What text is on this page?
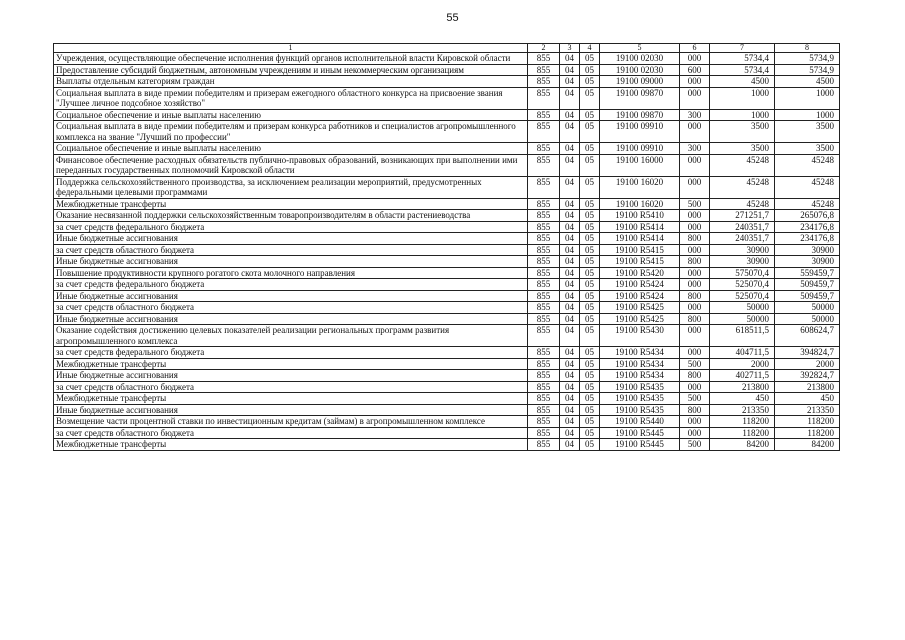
55
1	2	3	4	5	6	7	8
Учреждения, осуществляющие обеспечение исполнения функций органов исполнительной власти Кировской области	855	04	05	19100 02030	000	5734,4	5734,9
Предоставление субсидий бюджетным, автономным учреждениям и иным некоммерческим организациям	855	04	05	19100 02030	600	5734,4	5734,9
Выплаты отдельным категориям граждан	855	04	05	19100 09000	000	4500	4500
Социальная выплата в виде премии победителям и призерам ежегодного областного конкурса на присвоение звания "Лучшее личное подсобное хозяйство"	855	04	05	19100 09870	000	1000	1000
Социальное обеспечение и иные выплаты населению	855	04	05	19100 09870	300	1000	1000
Социальная выплата в виде премии победителям и призерам конкурса работников и специалистов агропромышленного комплекса на звание "Лучший по профессии"	855	04	05	19100 09910	000	3500	3500
Социальное обеспечение и иные выплаты населению	855	04	05	19100 09910	300	3500	3500
Финансовое обеспечение расходных обязательств публично-правовых образований, возникающих при выполнении ими переданных государственных полномочий Кировской области	855	04	05	19100 16000	000	45248	45248
Поддержка сельскохозяйственного производства, за исключением реализации мероприятий, предусмотренных федеральными целевыми программами	855	04	05	19100 16020	000	45248	45248
Межбюджетные трансферты	855	04	05	19100 16020	500	45248	45248
Оказание несвязанной поддержки сельскохозяйственным товаропроизводителям в области растениеводства	855	04	05	19100 R5410	000	271251,7	265076,8
за счет средств федерального бюджета	855	04	05	19100 R5414	000	240351,7	234176,8
Иные бюджетные ассигнования	855	04	05	19100 R5414	800	240351,7	234176,8
за счет средств областного бюджета	855	04	05	19100 R5415	000	30900	30900
Иные бюджетные ассигнования	855	04	05	19100 R5415	800	30900	30900
Повышение продуктивности крупного рогатого скота молочного направления	855	04	05	19100 R5420	000	575070,4	559459,7
за счет средств федерального бюджета	855	04	05	19100 R5424	000	525070,4	509459,7
Иные бюджетные ассигнования	855	04	05	19100 R5424	800	525070,4	509459,7
за счет средств областного бюджета	855	04	05	19100 R5425	000	50000	50000
Иные бюджетные ассигнования	855	04	05	19100 R5425	800	50000	50000
Оказание содействия достижению целевых показателей реализации региональных программ развития агропромышленного комплекса	855	04	05	19100 R5430	000	618511,5	608624,7
за счет средств федерального бюджета	855	04	05	19100 R5434	000	404711,5	394824,7
Межбюджетные трансферты	855	04	05	19100 R5434	500	2000	2000
Иные бюджетные ассигнования	855	04	05	19100 R5434	800	402711,5	392824,7
за счет средств областного бюджета	855	04	05	19100 R5435	000	213800	213800
Межбюджетные трансферты	855	04	05	19100 R5435	500	450	450
Иные бюджетные ассигнования	855	04	05	19100 R5435	800	213350	213350
Возмещение части процентной ставки по инвестиционным кредитам (займам) в агропромышленном комплексе	855	04	05	19100 R5440	000	118200	118200
за счет средств областного бюджета	855	04	05	19100 R5445	000	118200	118200
Межбюджетные трансферты	855	04	05	19100 R5445	500	84200	84200
